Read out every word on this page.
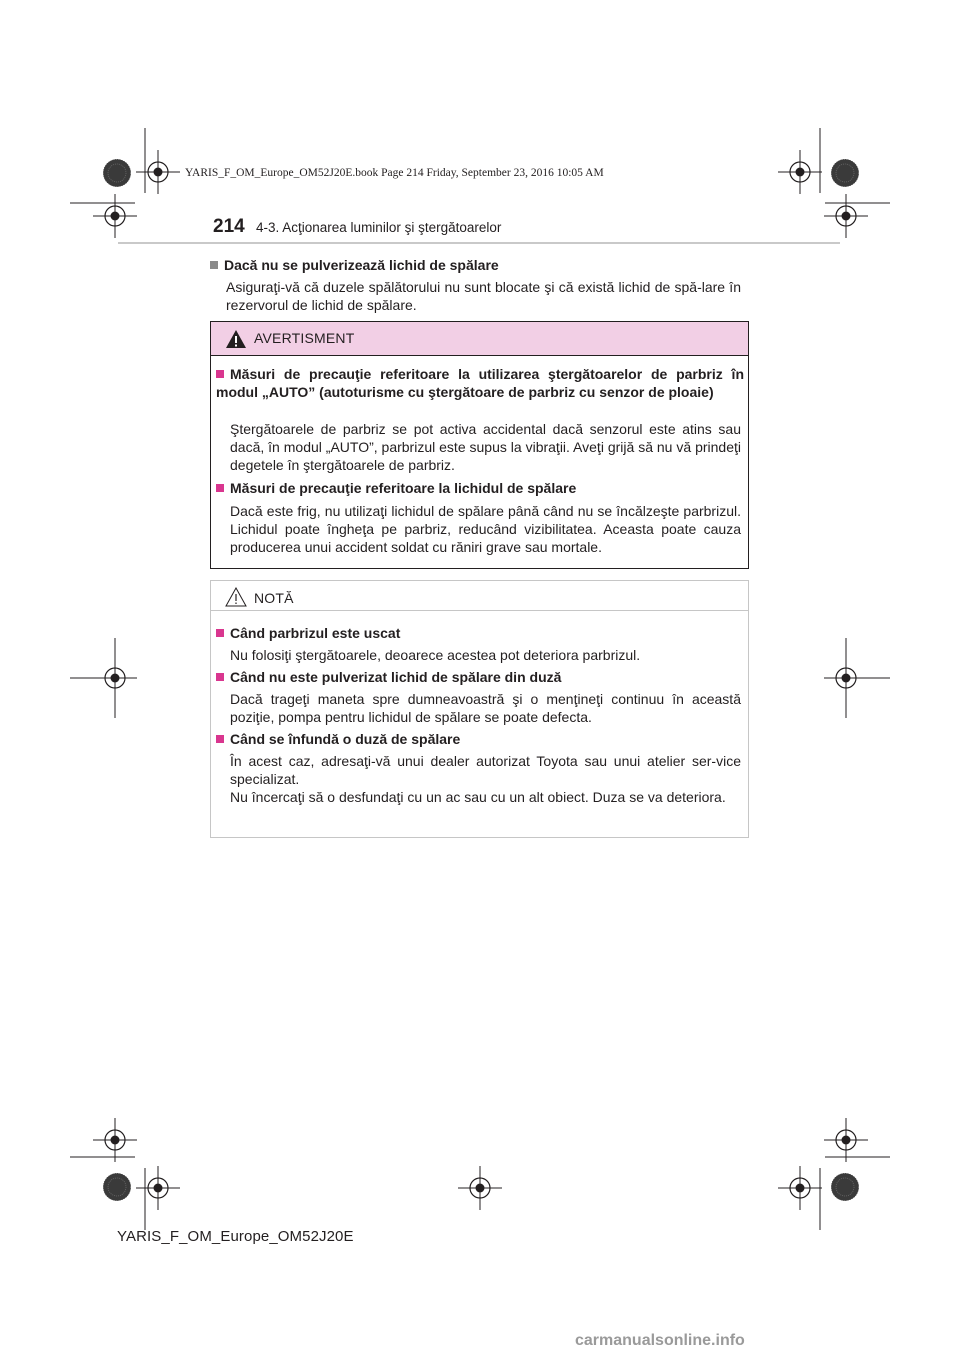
YARIS_F_OM_Europe_OM52J20E.book Page 214 Friday, September 23, 2016 10:05 AM
214 4-3. Acţionarea luminilor şi ştergătoarelor
Dacă nu se pulverizează lichid de spălare
Asiguraţi-vă că duzele spălătorului nu sunt blocate şi că există lichid de spă-lare în rezervorul de lichid de spălare.
AVERTISMENT
Măsuri de precauţie referitoare la utilizarea ştergătoarelor de parbriz în modul „AUTO” (autoturisme cu ştergătoare de parbriz cu senzor de ploaie)
Ştergătoarele de parbriz se pot activa accidental dacă senzorul este atins sau dacă, în modul „AUTO”, parbrizul este supus la vibraţii. Aveţi grijă să nu vă prindeţi degetele în ştergătoarele de parbriz.
Măsuri de precauţie referitoare la lichidul de spălare
Dacă este frig, nu utilizaţi lichidul de spălare până când nu se încălzeşte parbrizul. Lichidul poate îngheţa pe parbriz, reducând vizibilitatea. Aceasta poate cauza producerea unui accident soldat cu răniri grave sau mortale.
NOTĂ
Când parbrizul este uscat
Nu folosiţi ştergătoarele, deoarece acestea pot deteriora parbrizul.
Când nu este pulverizat lichid de spălare din duză
Dacă trageţi maneta spre dumneavoastră şi o menţineţi continuu în această poziţie, pompa pentru lichidul de spălare se poate defecta.
Când se înfundă o duză de spălare
În acest caz, adresaţi-vă unui dealer autorizat Toyota sau unui atelier ser-vice specializat.
Nu încercaţi să o desfundaţi cu un ac sau cu un alt obiect. Duza se va deteriora.
YARIS_F_OM_Europe_OM52J20E
carmanualsonline.info
